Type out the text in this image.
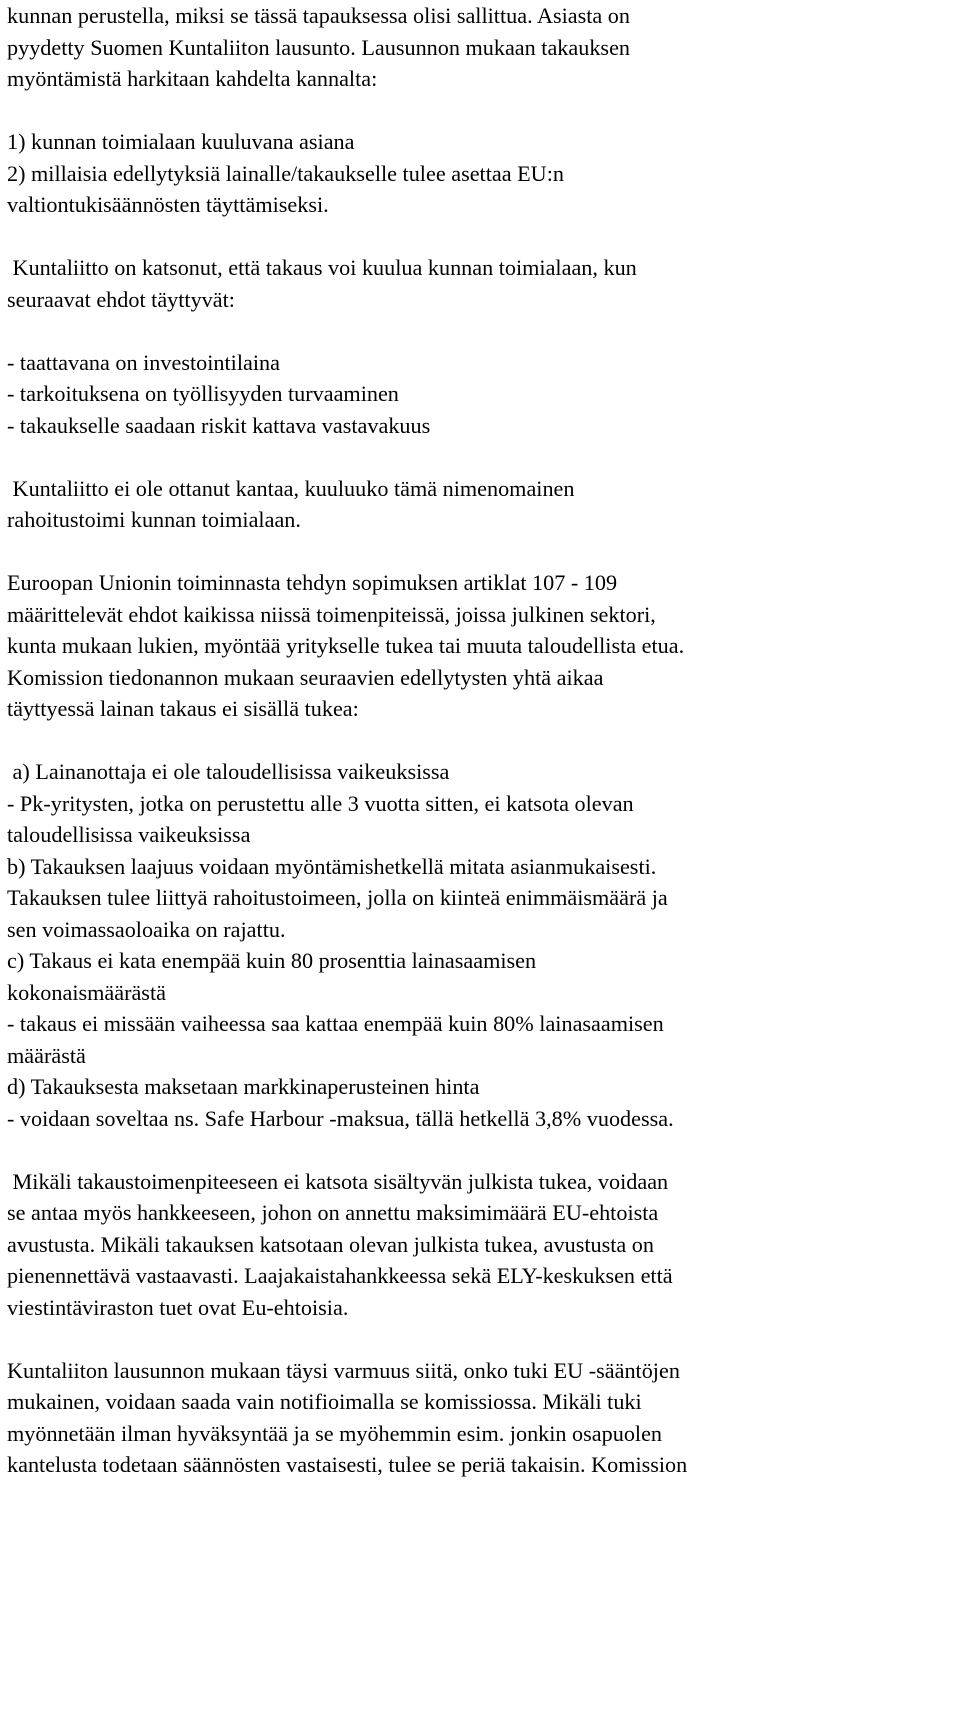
kunnan perustella, miksi se tässä tapauksessa olisi sallittua. Asiasta on
pyydetty Suomen Kuntaliiton lausunto. Lausunnon mukaan takauksen
myöntämistä harkitaan kahdelta kannalta:
1) kunnan toimialaan kuuluvana asiana
2) millaisia edellytyksiä lainalle/takaukselle tulee asettaa EU:n
valtiontukisäännösten täyttämiseksi.
Kuntaliitto on katsonut, että takaus voi kuulua kunnan toimialaan, kun
seuraavat ehdot täyttyvät:
- taattavana on investointilaina
- tarkoituksena on työllisyyden turvaaminen
- takaukselle saadaan riskit kattava vastavakuus
Kuntaliitto ei ole ottanut kantaa, kuuluuko tämä nimenomainen
rahoitustoimi kunnan toimialaan.
Euroopan Unionin toiminnasta tehdyn sopimuksen artiklat 107 - 109
määrittelevät ehdot kaikissa niissä toimenpiteissä, joissa julkinen sektori,
kunta mukaan lukien, myöntää yritykselle tukea tai muuta taloudellista etua.
Komission tiedonannon mukaan seuraavien edellytysten yhtä aikaa
täyttyessä lainan takaus ei sisällä tukea:
a) Lainanottaja ei ole taloudellisissa vaikeuksissa
- Pk-yritysten, jotka on perustettu alle 3 vuotta sitten, ei katsota olevan
taloudellisissa vaikeuksissa
b) Takauksen laajuus voidaan myöntämishetkellä mitata asianmukaisesti.
Takauksen tulee liittyä rahoitustoimeen, jolla on kiinteä enimmäismäärä ja
sen voimassaoloaika on rajattu.
c) Takaus ei kata enempää kuin 80 prosenttia lainasaamisen
kokonaismäärästä
- takaus ei missään vaiheessa saa kattaa enempää kuin 80% lainasaamisen
määrästä
d) Takauksesta maksetaan markkinaperusteinen hinta
- voidaan soveltaa ns. Safe Harbour -maksua, tällä hetkellä 3,8% vuodessa.
Mikäli takaustoimenpiteeseen ei katsota sisältyvän julkista tukea, voidaan
se antaa myös hankkeeseen, johon on annettu maksimimäärä EU-ehtoista
avustusta. Mikäli takauksen katsotaan olevan julkista tukea, avustusta on
pienennettävä vastaavasti. Laajakaistahankkeessa sekä ELY-keskuksen että
viestintäviraston tuet ovat Eu-ehtoisia.
Kuntaliiton lausunnon mukaan täysi varmuus siitä, onko tuki EU -sääntöjen
mukainen, voidaan saada vain notifioimalla se komissiossa. Mikäli tuki
myönnetään ilman hyväksyntää ja se myöhemmin esim. jonkin osapuolen
kantelusta todetaan säännösten vastaisesti, tulee se periä takaisin. Komission
